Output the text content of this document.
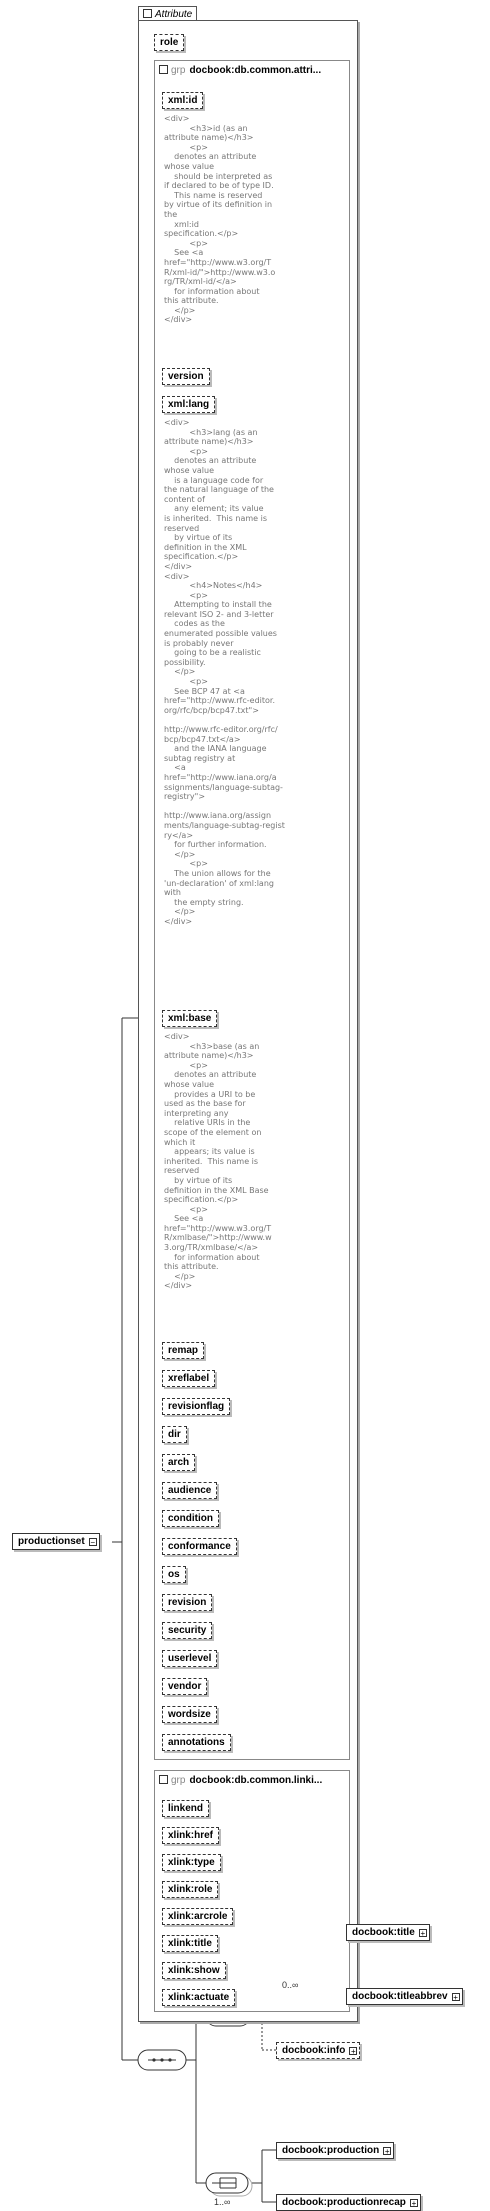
productionset −
Attribute
role
grp docbook:db.common.attri...
xml:id
<div>
<h3>id (as an
attribute name)</h3>
<p>
denotes an attribute
whose value
should be interpreted as
if declared to be of type ID.
This name is reserved
by virtue of its definition in
the
xml:id
specification.</p>
<p>
See <a
href="http://www.w3.org/T
R/xml-id/">http://www.w3.o
rg/TR/xml-id/</a>
for information about
this attribute.
</p>
</div>
version
xml:lang
<div>
<h3>lang (as an
attribute name)</h3>
<p>
denotes an attribute
whose value
is a language code for
the natural language of the
content of
any element; its value
is inherited.  This name is
reserved
by virtue of its
definition in the XML
specification.</p>
</div>
<div>
<h4>Notes</h4>
<p>
Attempting to install the
relevant ISO 2- and 3-letter
codes as the
enumerated possible values
is probably never
going to be a realistic
possibility.
</p>
<p>
See BCP 47 at <a
href="http://www.rfc-editor.
org/rfc/bcp/bcp47.txt">

http://www.rfc-editor.org/rfc/
bcp/bcp47.txt</a>
and the IANA language
subtag registry at
<a
href="http://www.iana.org/a
ssignments/language-subtag-
registry">

http://www.iana.org/assign
ments/language-subtag-regist
ry</a>
for further information.
</p>
<p>
The union allows for the
'un-declaration' of xml:lang
with
the empty string.
</p>
</div>
xml:base
<div>
<h3>base (as an
attribute name)</h3>
<p>
denotes an attribute
whose value
provides a URI to be
used as the base for
interpreting any
relative URIs in the
scope of the element on
which it
appears; its value is
inherited.  This name is
reserved
by virtue of its
definition in the XML Base
specification.</p>
<p>
See <a
href="http://www.w3.org/T
R/xmlbase/">http://www.w
3.org/TR/xmlbase/</a>
for information about
this attribute.
</p>
</div>
remap
xreflabel
revisionflag
dir
arch
audience
condition
conformance
os
revision
security
userlevel
vendor
wordsize
annotations
grp docbook:db.common.linki...
linkend
xlink:href
xlink:type
xlink:role
xlink:arcrole
xlink:title
xlink:show
xlink:actuate
0..∞
1..∞
docbook:title +
docbook:titleabbrev +
docbook:info +
docbook:production +
docbook:productionrecap +
